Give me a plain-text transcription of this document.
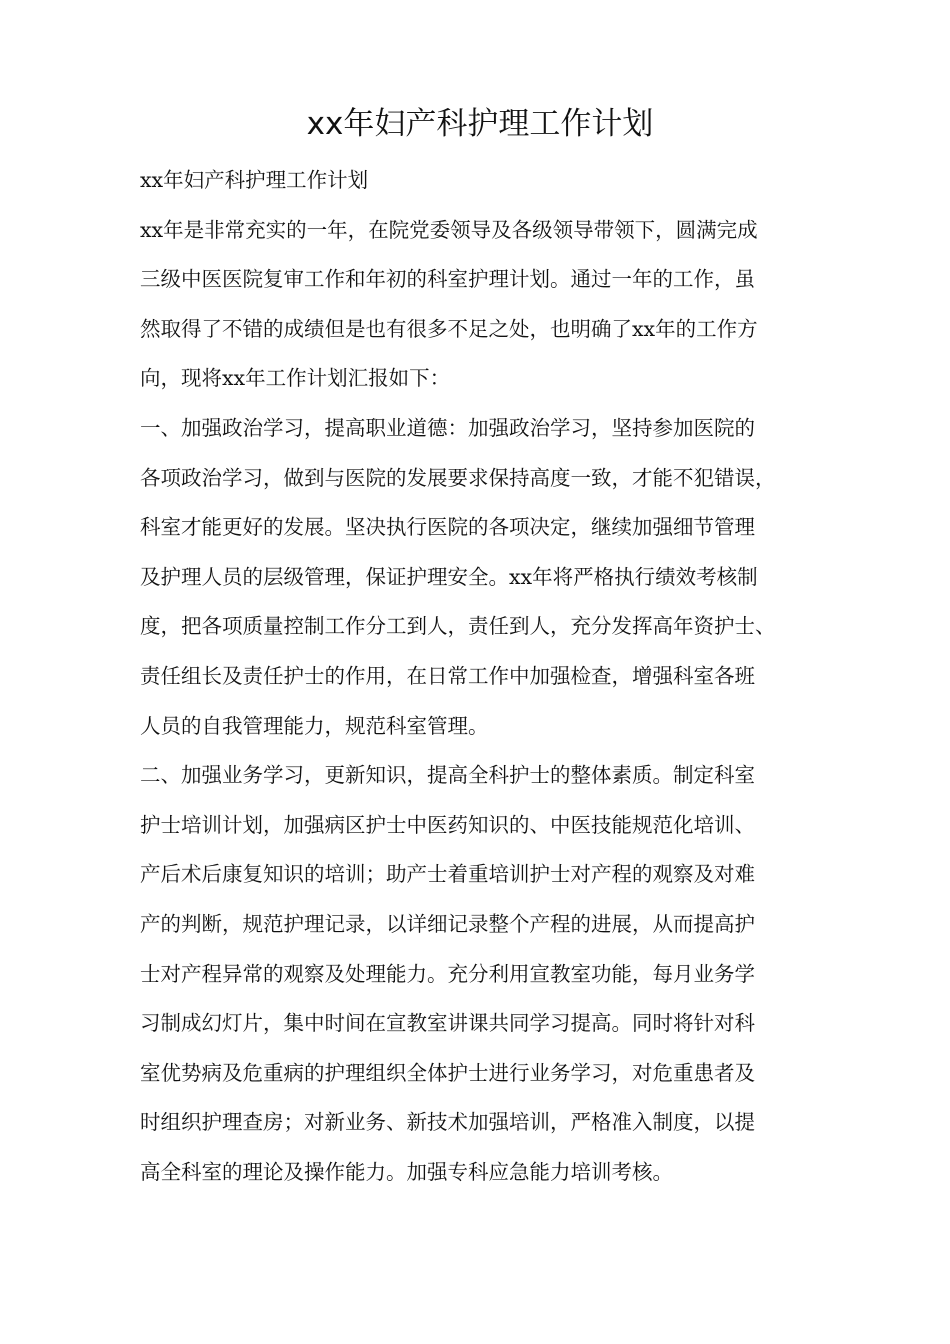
xx年妇产科护理工作计划

xx年妇产科护理工作计划

xx年是非常充实的一年，在院党委领导及各级领导带领下，圆满完成
三级中医医院复审工作和年初的科室护理计划。通过一年的工作，虽
然取得了不错的成绩但是也有很多不足之处，也明确了xx年的工作方
向，现将xx年工作计划汇报如下：

一、加强政治学习，提高职业道德：加强政治学习，坚持参加医院的
各项政治学习，做到与医院的发展要求保持高度一致，才能不犯错误，
科室才能更好的发展。坚决执行医院的各项决定，继续加强细节管理
及护理人员的层级管理，保证护理安全。xx年将严格执行绩效考核制
度，把各项质量控制工作分工到人，责任到人，充分发挥高年资护士、
责任组长及责任护士的作用，在日常工作中加强检查，增强科室各班
人员的自我管理能力，规范科室管理。

二、加强业务学习，更新知识，提高全科护士的整体素质。制定科室
护士培训计划，加强病区护士中医药知识的、中医技能规范化培训、
产后术后康复知识的培训；助产士着重培训护士对产程的观察及对难
产的判断，规范护理记录，以详细记录整个产程的进展，从而提高护
士对产程异常的观察及处理能力。充分利用宣教室功能，每月业务学
习制成幻灯片，集中时间在宣教室讲课共同学习提高。同时将针对科
室优势病及危重病的护理组织全体护士进行业务学习，对危重患者及
时组织护理查房；对新业务、新技术加强培训，严格准入制度，以提
高全科室的理论及操作能力。加强专科应急能力培训考核。
